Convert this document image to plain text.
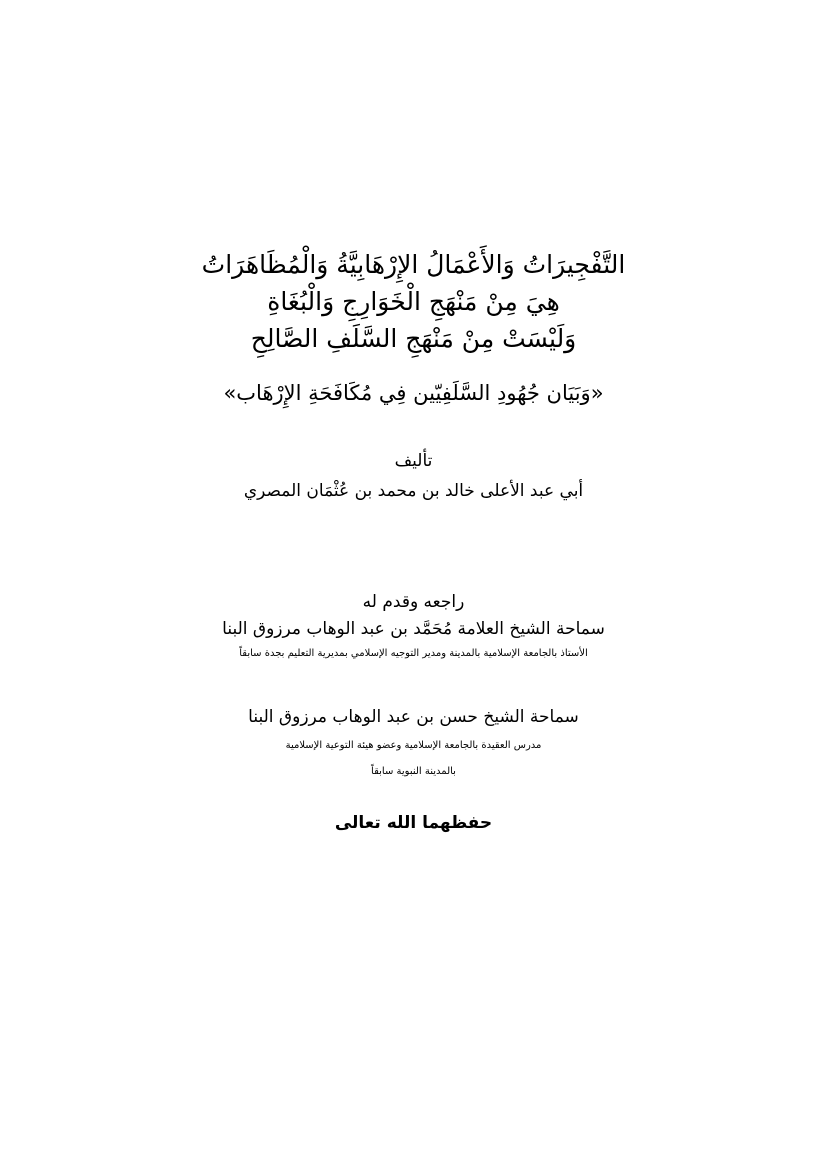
التَّفْجِيرَاتُ وَالأَعْمَالُ الإِرْهَابِيَّةُ وَالْمُظَاهَرَاتُ
هِيَ مِنْ مَنْهَجِ الْخَوَارِجِ وَالْبُغَاةِ
وَلَيْسَتْ مِنْ مَنْهَجِ السَّلَفِ الصَّالِحِ
«وَبَيَان جُهُودِ السَّلَفِيّين فِي مُكَافَحَةِ الإِرْهَاب»
تأليف
أبي عبد الأعلى خالد بن محمد بن عُثْمَان المصري
راجعه وقدم له
سماحة الشيخ العلامة مُحَمَّد بن عبد الوهاب مرزوق البنا
الأستاذ بالجامعة الإسلامية بالمدينة ومدير التوجيه الإسلامي بمديرية التعليم بجدة سابقاً
سماحة الشيخ حسن بن عبد الوهاب مرزوق البنا
مدرس العقيدة بالجامعة الإسلامية وعضو هيئة التوعية الإسلامية
بالمدينة النبوية سابقاً
حفظهما الله تعالى
